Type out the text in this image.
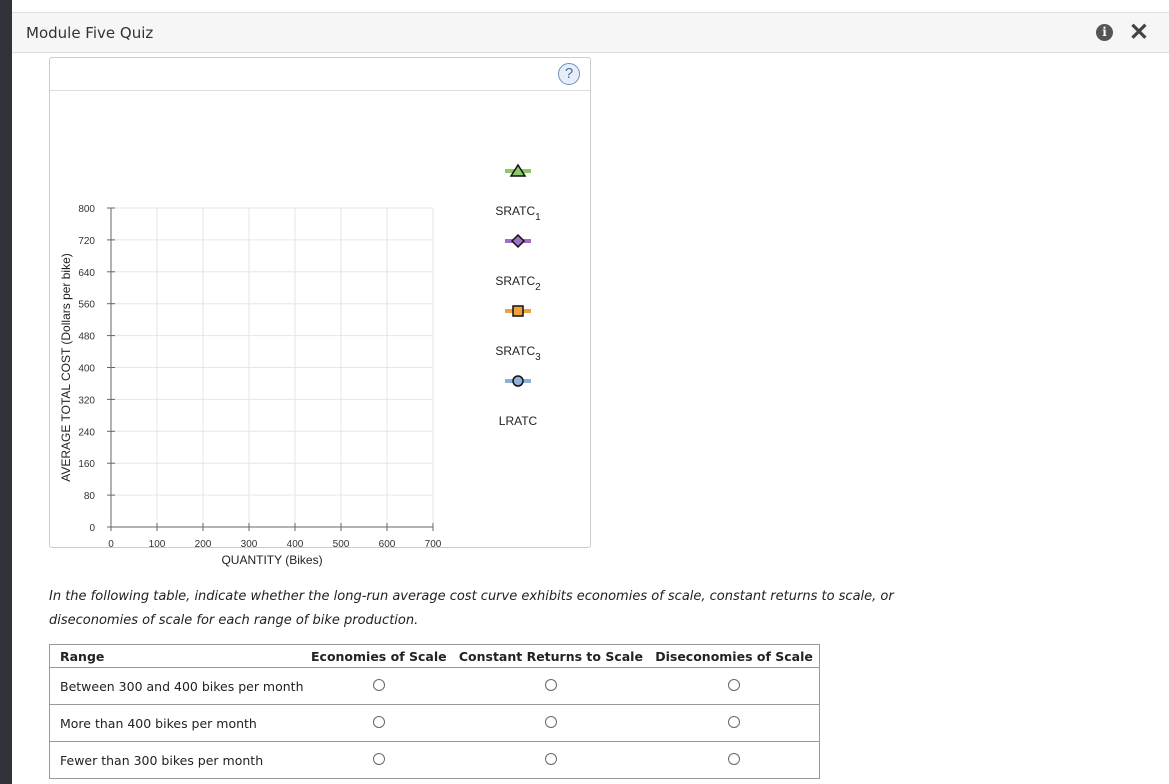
Module Five Quiz	i ✕
?
0	100	200	300	400	500	600	700
0
80
160
240
320
400
480
560
640
720
800
QUANTITY (Bikes)
AVERAGE TOTAL COST (Dollars per bike)
$SRATC_1$
$SRATC_2$
$SRATC_3$
LRATC
In the following table, indicate whether the long-run average cost curve exhibits economies of scale, constant returns to scale, or diseconomies of scale for each range of bike production.
Range	Economies of Scale	Constant Returns to Scale	Diseconomies of Scale
Between 300 and 400 bikes per month			
More than 400 bikes per month			
Fewer than 300 bikes per month			
